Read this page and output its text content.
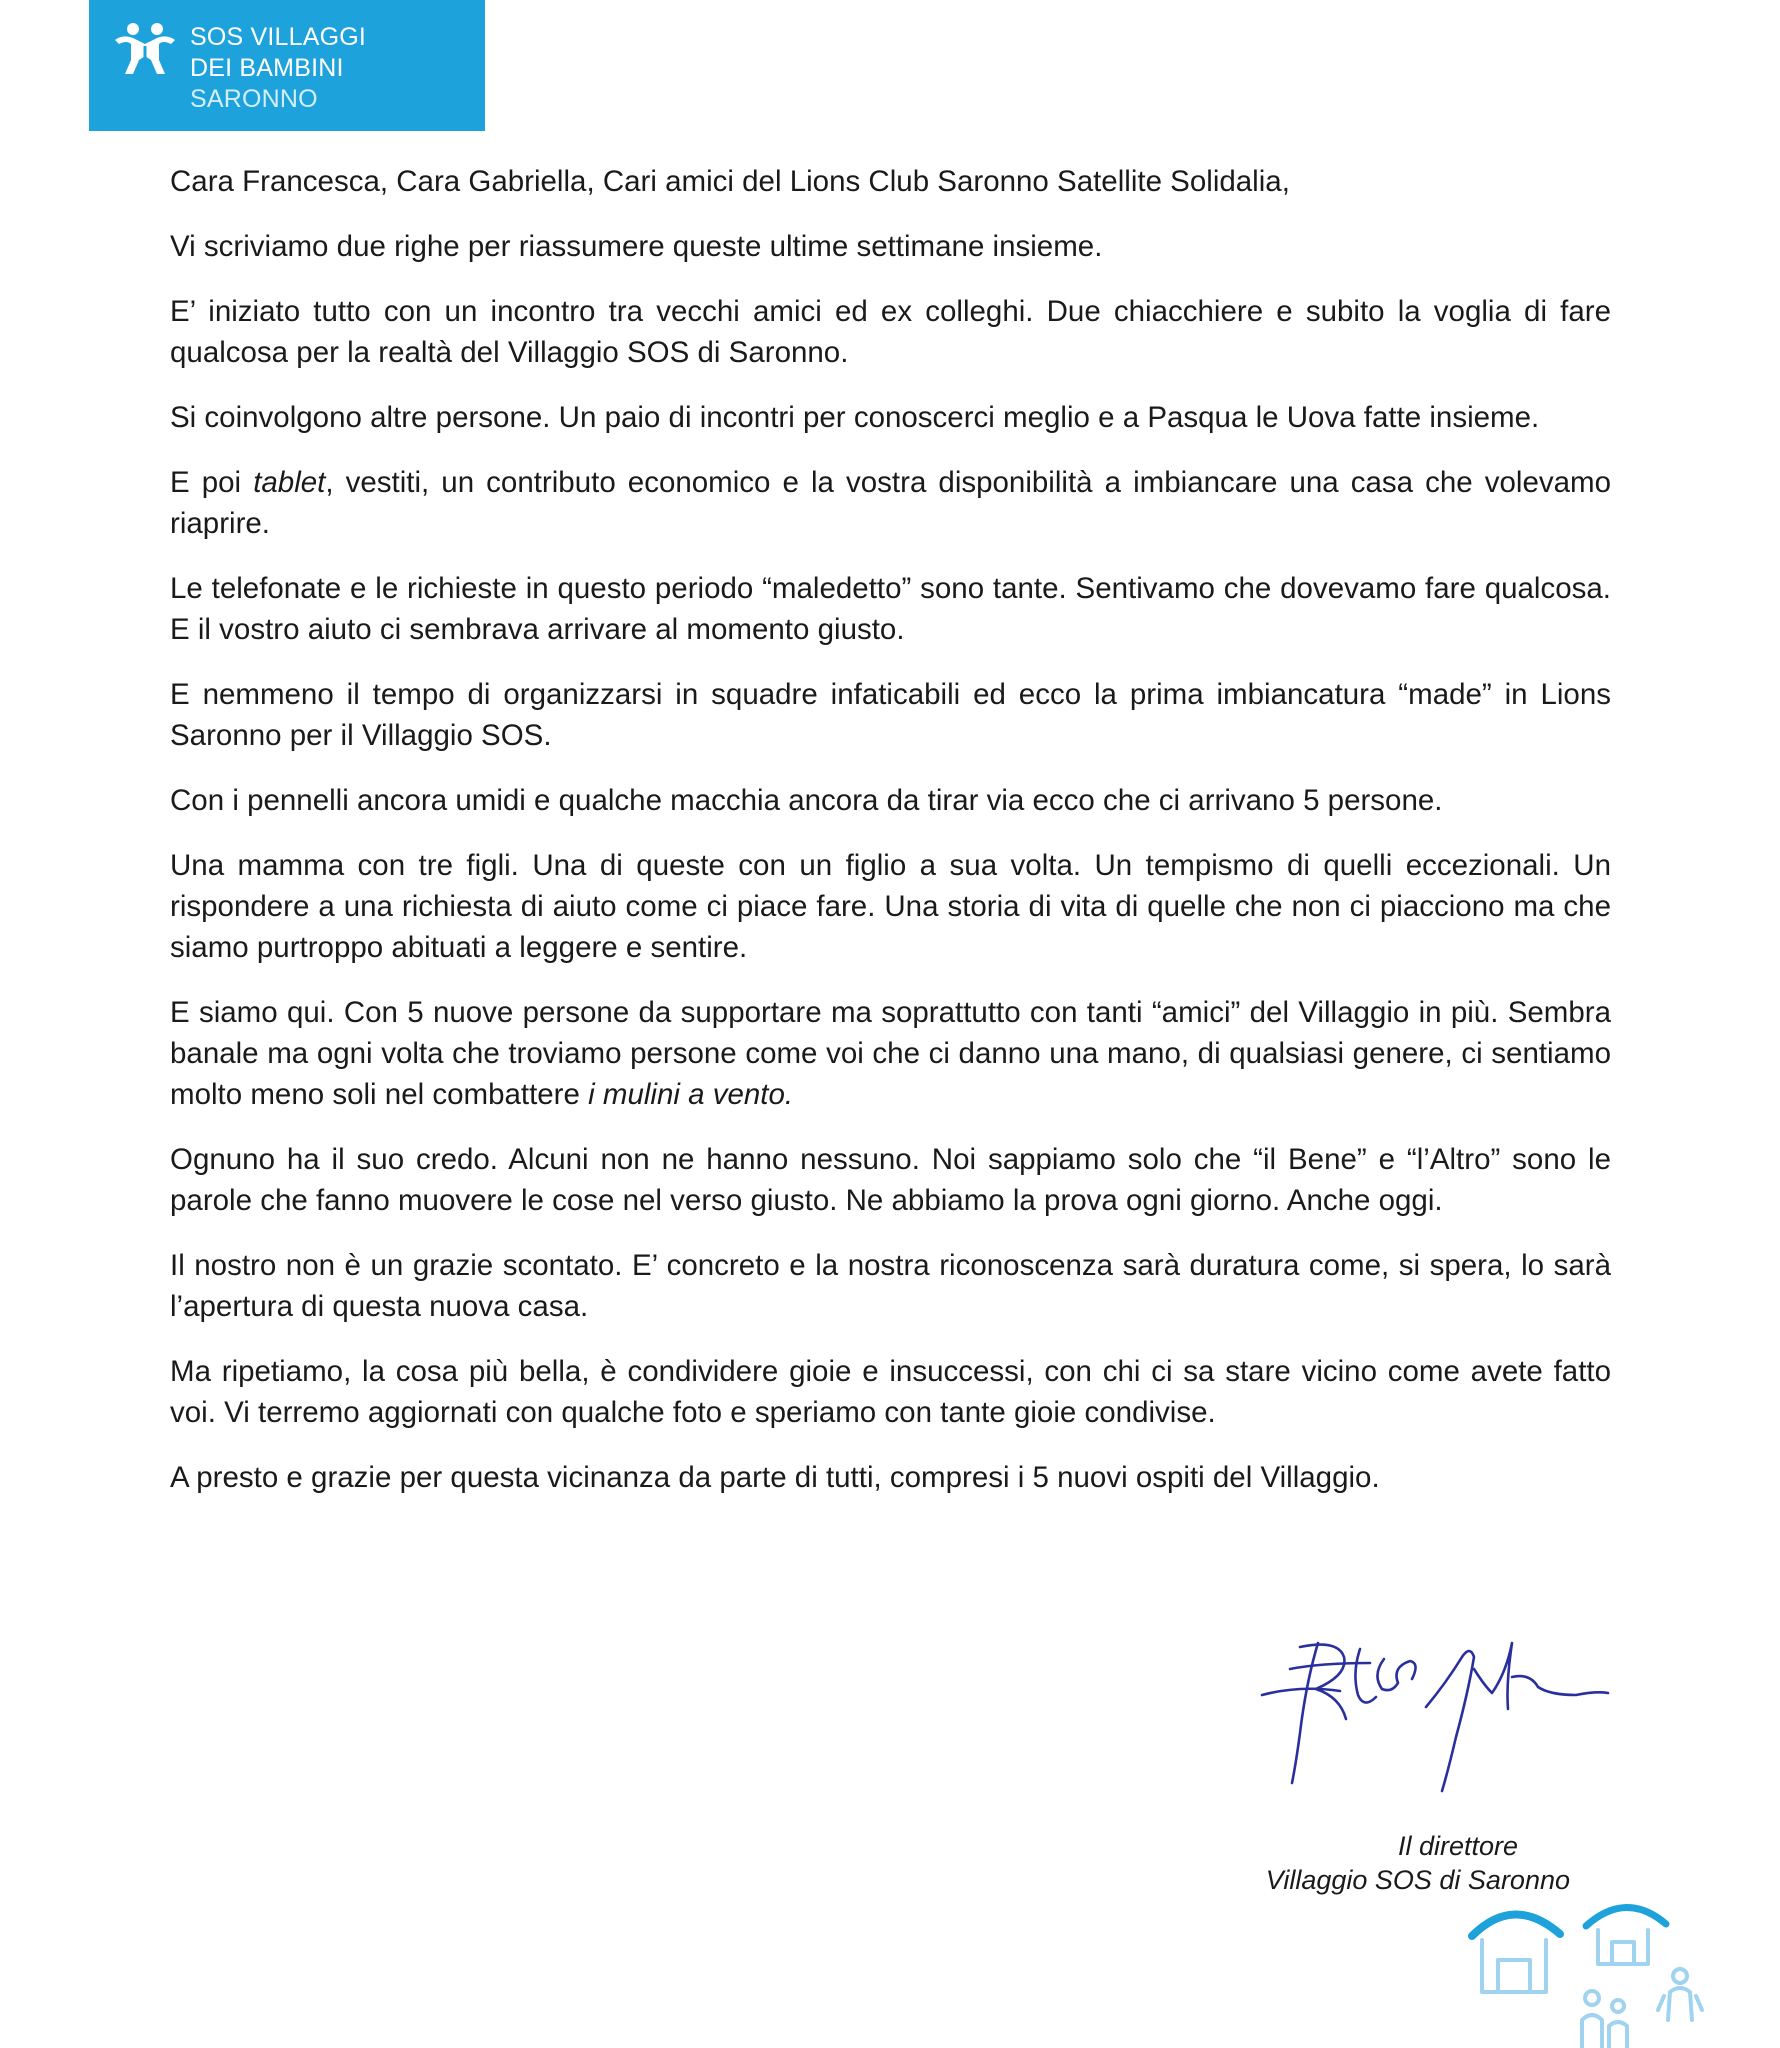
SOS VILLAGGI
DEI BAMBINI
SARONNO

Cara Francesca, Cara Gabriella, Cari amici del Lions Club Saronno Satellite Solidalia,

Vi scriviamo due righe per riassumere queste ultime settimane insieme.

E’ iniziato tutto con un incontro tra vecchi amici ed ex colleghi. Due chiacchiere e subito la voglia di fare qualcosa per la realtà del Villaggio SOS di Saronno.

Si coinvolgono altre persone. Un paio di incontri per conoscerci meglio e a Pasqua le Uova fatte insieme.

E poi tablet, vestiti, un contributo economico e la vostra disponibilità a imbiancare una casa che volevamo riaprire.

Le telefonate e le richieste in questo periodo “maledetto” sono tante. Sentivamo che dovevamo fare qualcosa. E il vostro aiuto ci sembrava arrivare al momento giusto.

E nemmeno il tempo di organizzarsi in squadre infaticabili ed ecco la prima imbiancatura “made” in Lions Saronno per il Villaggio SOS.

Con i pennelli ancora umidi e qualche macchia ancora da tirar via ecco che ci arrivano 5 persone.

Una mamma con tre figli. Una di queste con un figlio a sua volta. Un tempismo di quelli eccezionali. Un rispondere a una richiesta di aiuto come ci piace fare. Una storia di vita di quelle che non ci piacciono ma che siamo purtroppo abituati a leggere e sentire.

E siamo qui. Con 5 nuove persone da supportare ma soprattutto con tanti “amici” del Villaggio in più. Sembra banale ma ogni volta che troviamo persone come voi che ci danno una mano, di qualsiasi genere, ci sentiamo molto meno soli nel combattere i mulini a vento.

Ognuno ha il suo credo. Alcuni non ne hanno nessuno. Noi sappiamo solo che “il Bene” e “l’Altro” sono le parole che fanno muovere le cose nel verso giusto. Ne abbiamo la prova ogni giorno. Anche oggi.

Il nostro non è un grazie scontato. E’ concreto e la nostra riconoscenza sarà duratura come, si spera, lo sarà l’apertura di questa nuova casa.

Ma ripetiamo, la cosa più bella, è condividere gioie e insuccessi, con chi ci sa stare vicino come avete fatto voi. Vi terremo aggiornati con qualche foto e speriamo con tante gioie condivise.

A presto e grazie per questa vicinanza da parte di tutti, compresi i 5 nuovi ospiti del Villaggio.

Il direttore
Villaggio SOS di Saronno
